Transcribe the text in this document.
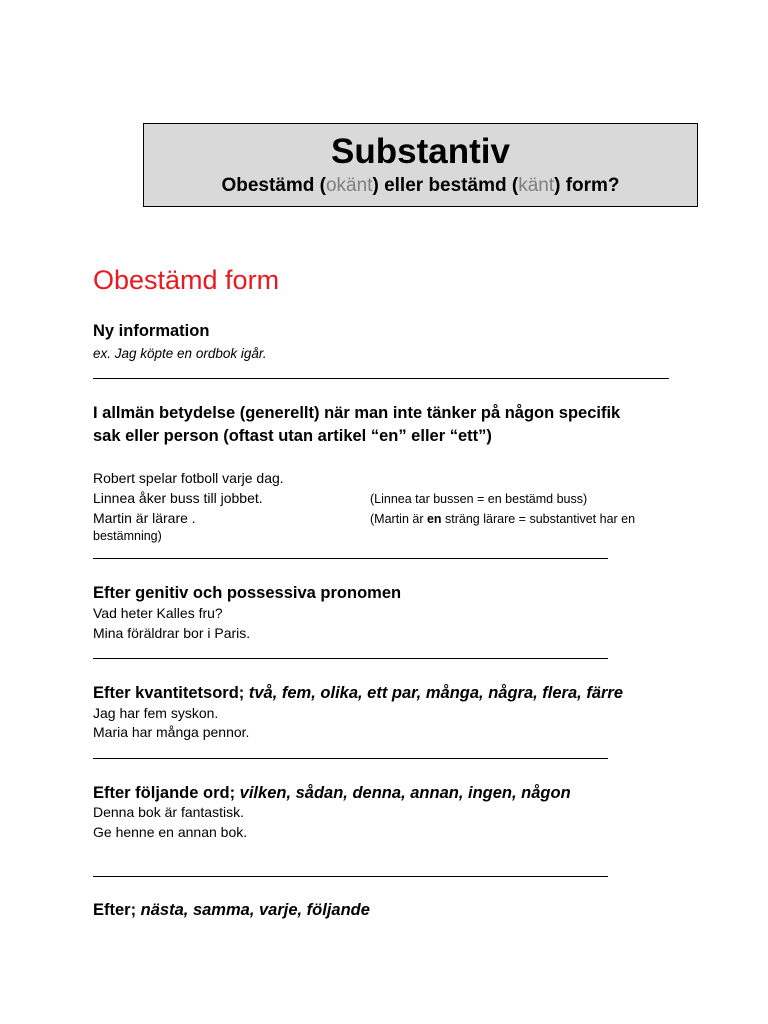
Substantiv
Obestämd (okänt) eller bestämd (känt) form?
Obestämd form
Ny information
ex. Jag köpte en ordbok igår.
I allmän betydelse (generellt) när man inte tänker på någon specifik
sak eller person (oftast utan artikel “en” eller “ett”)
Robert spelar fotboll varje dag.
Linnea åker buss till jobbet.	(Linnea tar bussen = en bestämd buss)
Martin är lärare .	(Martin är en sträng lärare = substantivet har en
bestämning)
Efter genitiv och possessiva pronomen
Vad heter Kalles fru?
Mina föräldrar bor i Paris.
Efter kvantitetsord; två, fem, olika, ett par, många, några, flera, färre
Jag har fem syskon.
Maria har många pennor.
Efter följande ord; vilken, sådan, denna, annan, ingen, någon
Denna bok är fantastisk.
Ge henne en annan bok.
Efter; nästa, samma, varje, följande
